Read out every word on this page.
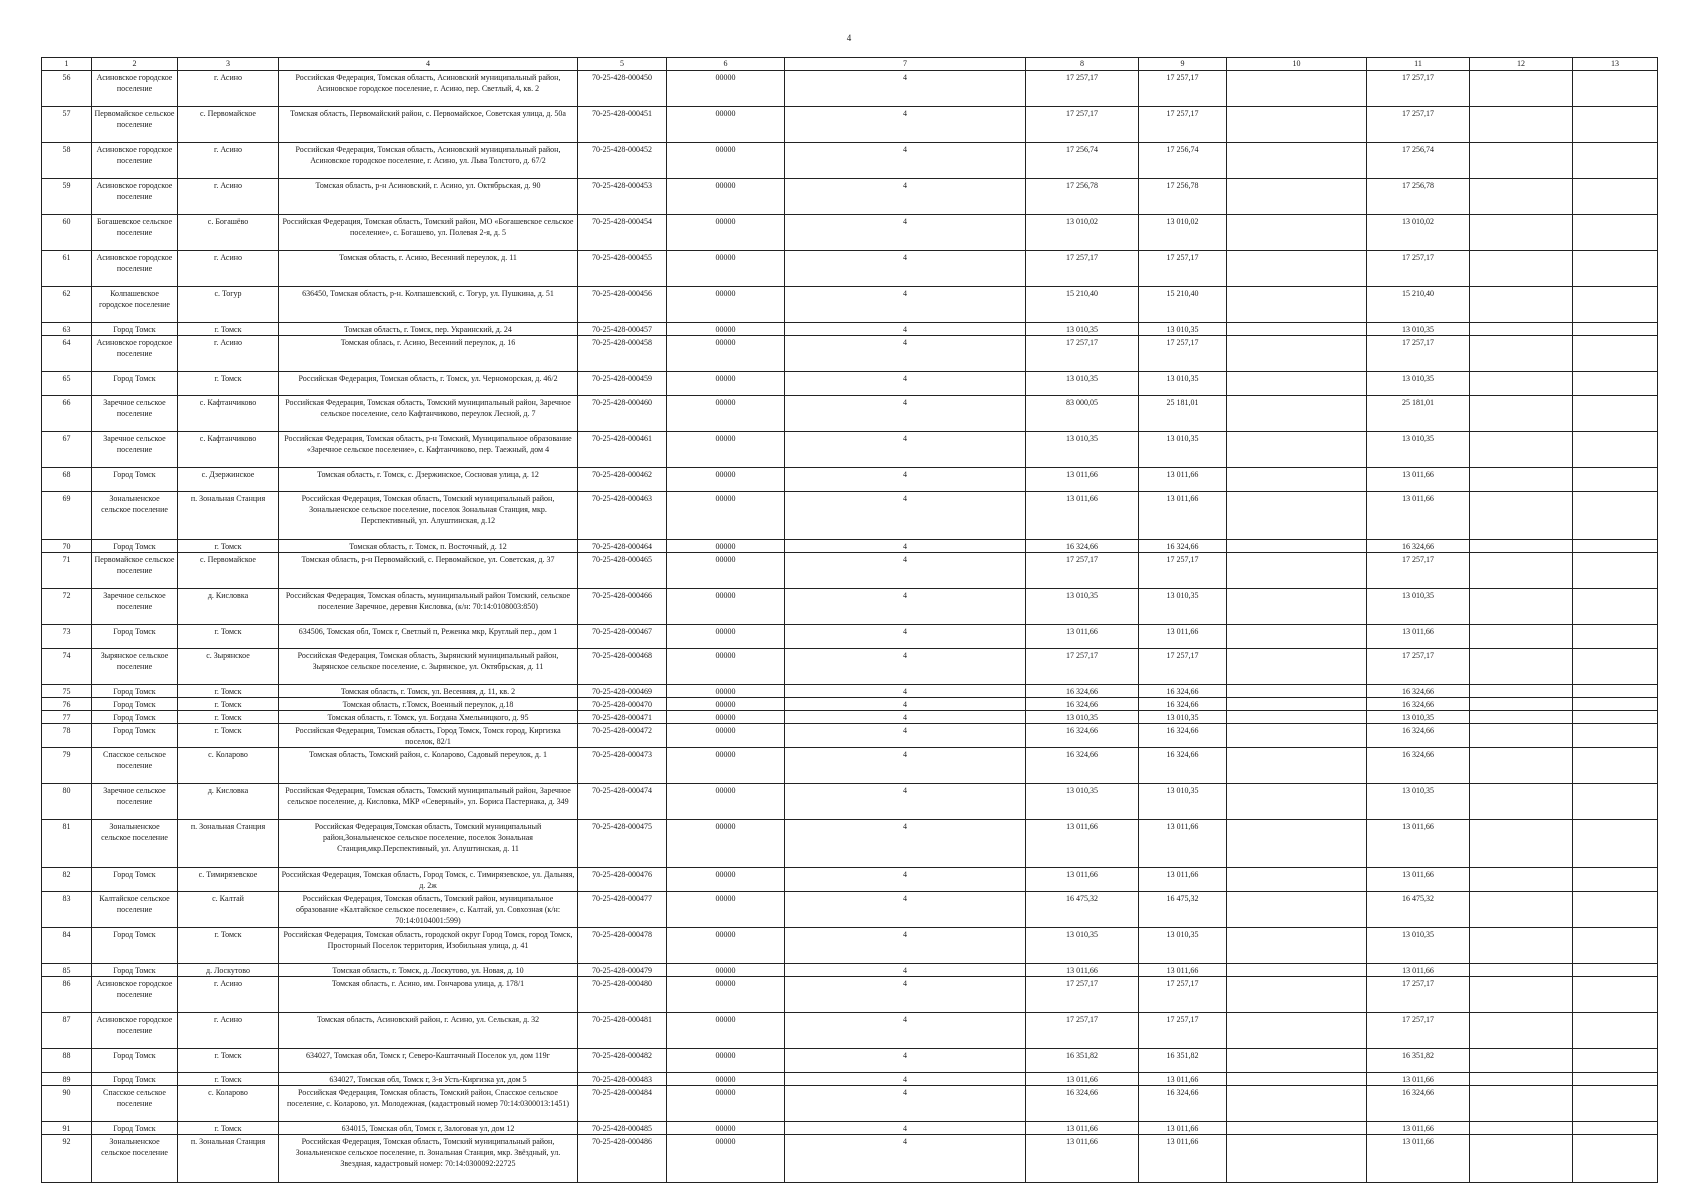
4
1	2	3	4	5	6	7	8	9	10	11	12	13
56	Асиновское городское поселение	г. Асино	Российская Федерация, Томская область, Асиновский муниципальный район, Асиновское городское поселение, г. Асино, пер. Светлый, 4, кв. 2	70-25-428-000450	00000	4	17 257,17	17 257,17		17 257,17		
57	Первомайское сельское поселение	с. Первомайское	Томская область, Первомайский район, с. Первомайское, Советская улица, д. 50а	70-25-428-000451	00000	4	17 257,17	17 257,17		17 257,17		
58	Асиновское городское поселение	г. Асино	Российская Федерация, Томская область, Асиновский муниципальный район, Асиновское городское поселение, г. Асино, ул. Льва Толстого, д. 67/2	70-25-428-000452	00000	4	17 256,74	17 256,74		17 256,74		
59	Асиновское городское поселение	г. Асино	Томская область, р-н Асиновский, г. Асино, ул. Октябрьская, д. 90	70-25-428-000453	00000	4	17 256,78	17 256,78		17 256,78		
60	Богашевское сельское поселение	с. Богашёво	Российская Федерация, Томская область, Томский район, МО «Богашевское сельское поселение», с. Богашево, ул. Полевая 2-я, д. 5	70-25-428-000454	00000	4	13 010,02	13 010,02		13 010,02		
61	Асиновское городское поселение	г. Асино	Томская область, г. Асино, Весенний переулок, д. 11	70-25-428-000455	00000	4	17 257,17	17 257,17		17 257,17		
62	Колпашевское городское поселение	с. Тогур	636450, Томская область, р-н. Колпашевский, с. Тогур, ул. Пушкина, д. 51	70-25-428-000456	00000	4	15 210,40	15 210,40		15 210,40		
63	Город Томск	г. Томск	Томская область, г. Томск, пер. Украинский, д. 24	70-25-428-000457	00000	4	13 010,35	13 010,35		13 010,35		
64	Асиновское городское поселение	г. Асино	Томская облась, г. Асино, Весенний переулок, д. 16	70-25-428-000458	00000	4	17 257,17	17 257,17		17 257,17		
65	Город Томск	г. Томск	Российская Федерация, Томская область, г. Томск, ул. Черноморская, д. 46/2	70-25-428-000459	00000	4	13 010,35	13 010,35		13 010,35		
66	Заречное сельское поселение	с. Кафтанчиково	Российская Федерация, Томская область, Томский муниципальный район, Заречное сельское поселение, село Кафтанчиково, переулок Лесной, д. 7	70-25-428-000460	00000	4	83 000,05	25 181,01		25 181,01		
67	Заречное сельское поселение	с. Кафтанчиково	Российская Федерация, Томская область, р-н Томский, Муниципальное образование «Заречное сельское поселение», с. Кафтанчиково, пер. Таежный, дом 4	70-25-428-000461	00000	4	13 010,35	13 010,35		13 010,35		
68	Город Томск	с. Дзержинское	Томская область, г. Томск, с. Дзержинское, Сосновая улица, д. 12	70-25-428-000462	00000	4	13 011,66	13 011,66		13 011,66		
69	Зональненское сельское поселение	п. Зональная Станция	Российская Федерация, Томская область, Томский муниципальный район, Зональненское сельское поселение, поселок Зональная Станция, мкр. Перспективный, ул. Алуштинская, д.12	70-25-428-000463	00000	4	13 011,66	13 011,66		13 011,66		
70	Город Томск	г. Томск	Томская область, г. Томск, п. Восточный, д. 12	70-25-428-000464	00000	4	16 324,66	16 324,66		16 324,66		
71	Первомайское сельское поселение	с. Первомайское	Томская область, р-н Первомайский, с. Первомайское, ул. Советская, д. 37	70-25-428-000465	00000	4	17 257,17	17 257,17		17 257,17		
72	Заречное сельское поселение	д. Кисловка	Российская Федерация, Томская область, муниципальный район Томский, сельское поселение Заречное, деревня Кисловка, (к/н: 70:14:0108003:850)	70-25-428-000466	00000	4	13 010,35	13 010,35		13 010,35		
73	Город Томск	г. Томск	634506, Томская обл, Томск г, Светлый п, Реженка мкр, Круглый пер., дом 1	70-25-428-000467	00000	4	13 011,66	13 011,66		13 011,66		
74	Зырянское сельское поселение	с. Зырянское	Российская Федерация, Томская область, Зырянский муниципальный район, Зырянское сельское поселение, с. Зырянское, ул. Октябрьская, д. 11	70-25-428-000468	00000	4	17 257,17	17 257,17		17 257,17		
75	Город Томск	г. Томск	Томская область, г. Томск, ул. Весенняя, д. 11, кв. 2	70-25-428-000469	00000	4	16 324,66	16 324,66		16 324,66		
76	Город Томск	г. Томск	Томская область, г.Томск, Военный переулок, д.18	70-25-428-000470	00000	4	16 324,66	16 324,66		16 324,66		
77	Город Томск	г. Томск	Томская область, г. Томск, ул. Богдана Хмельницкого, д. 95	70-25-428-000471	00000	4	13 010,35	13 010,35		13 010,35		
78	Город Томск	г. Томск	Российская Федерация, Томская область, Город Томск, Томск город, Киргизка поселок, 82/1	70-25-428-000472	00000	4	16 324,66	16 324,66		16 324,66		
79	Спасское сельское поселение	с. Коларово	Томская область, Томский район, с. Коларово, Садовый переулок, д. 1	70-25-428-000473	00000	4	16 324,66	16 324,66		16 324,66		
80	Заречное сельское поселение	д. Кисловка	Российская Федерация, Томская область, Томский муниципальный район, Заречное сельское поселение, д. Кисловка, МКР «Северный», ул. Бориса Пастернака, д. 349	70-25-428-000474	00000	4	13 010,35	13 010,35		13 010,35		
81	Зональненское сельское поселение	п. Зональная Станция	Российская Федерация,Томская область, Томский муниципальный район,Зональненское сельское поселение, поселок Зональная Станция,мкр.Перспективный, ул. Алуштинская, д. 11	70-25-428-000475	00000	4	13 011,66	13 011,66		13 011,66		
82	Город Томск	с. Тимирязевское	Российская Федерация, Томская область, Город Томск, с. Тимирязевское, ул. Дальняя, д. 2ж	70-25-428-000476	00000	4	13 011,66	13 011,66		13 011,66		
83	Калтайское сельское поселение	с. Калтай	Российская Федерация, Томская область, Томский район, муниципальное образование «Калтайское сельское поселение», с. Калтай, ул. Совхозная (к/н: 70:14:0104001:599)	70-25-428-000477	00000	4	16 475,32	16 475,32		16 475,32		
84	Город Томск	г. Томск	Российская Федерация, Томская область, городской округ Город Томск, город Томск, Просторный Поселок территория, Изобильная улица, д. 41	70-25-428-000478	00000	4	13 010,35	13 010,35		13 010,35		
85	Город Томск	д. Лоскутово	Томская область, г. Томск, д. Лоскутово, ул. Новая, д. 10	70-25-428-000479	00000	4	13 011,66	13 011,66		13 011,66		
86	Асиновское городское поселение	г. Асино	Томская область, г. Асино, им. Гончарова улица, д. 178/1	70-25-428-000480	00000	4	17 257,17	17 257,17		17 257,17		
87	Асиновское городское поселение	г. Асино	Томская область, Асиновский район, г. Асино, ул. Сельская, д. 32	70-25-428-000481	00000	4	17 257,17	17 257,17		17 257,17		
88	Город Томск	г. Томск	634027, Томская обл, Томск г, Северо-Каштачный Поселок ул, дом 119г	70-25-428-000482	00000	4	16 351,82	16 351,82		16 351,82		
89	Город Томск	г. Томск	634027, Томская обл, Томск г, 3-я Усть-Киргизка ул, дом 5	70-25-428-000483	00000	4	13 011,66	13 011,66		13 011,66		
90	Спасское сельское поселение	с. Коларово	Российская Федерация, Томская область, Томский район, Спасское сельское поселение, с. Коларово, ул. Молодежная, (кадастровый номер 70:14:0300013:1451)	70-25-428-000484	00000	4	16 324,66	16 324,66		16 324,66		
91	Город Томск	г. Томск	634015, Томская обл, Томск г, Залоговая ул, дом 12	70-25-428-000485	00000	4	13 011,66	13 011,66		13 011,66		
92	Зональненское сельское поселение	п. Зональная Станция	Российская Федерация, Томская область, Томский муниципальный район, Зональненское сельское поселение, п. Зональная Станция, мкр. Звёздный, ул. Звездная, кадастровый номер: 70:14:0300092:22725	70-25-428-000486	00000	4	13 011,66	13 011,66		13 011,66		
